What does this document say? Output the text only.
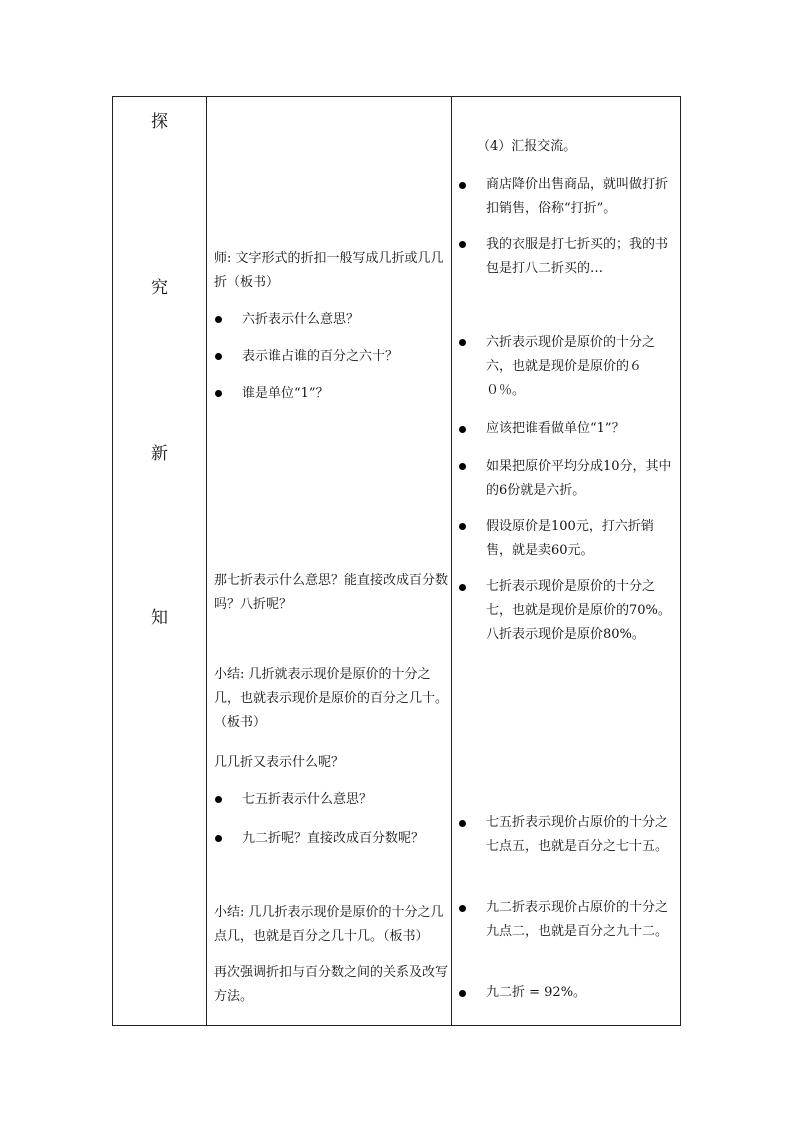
探
究
新
知
师: 文字形式的折扣一般写成几折或几几折（板书）
六折表示什么意思？
表示谁占谁的百分之六十？
谁是单位“1”？
那七折表示什么意思？能直接改成百分数吗？八折呢？
小结: 几折就表示现价是原价的十分之几，也就表示现价是原价的百分之几十。（板书）
几几折又表示什么呢？
七五折表示什么意思？
九二折呢？直接改成百分数呢？
小结: 几几折表示现价是原价的十分之几点几，也就是百分之几十几。（板书）
再次强调折扣与百分数之间的关系及改写方法。
（4）汇报交流。
商店降价出售商品，就叫做打折扣销售，俗称“打折”。
我的衣服是打七折买的；我的书包是打八二折买的…
六折表示现价是原价的十分之六，也就是现价是原价的６０％。
应该把谁看做单位“1”？
如果把原价平均分成10分，其中的6份就是六折。
假设原价是100元，打六折销售，就是卖60元。
七折表示现价是原价的十分之七，也就是现价是原价的70%。八折表示现价是原价80%。
七五折表示现价占原价的十分之七点五，也就是百分之七十五。
九二折表示现价占原价的十分之九点二，也就是百分之九十二。
九二折 = 92%。
